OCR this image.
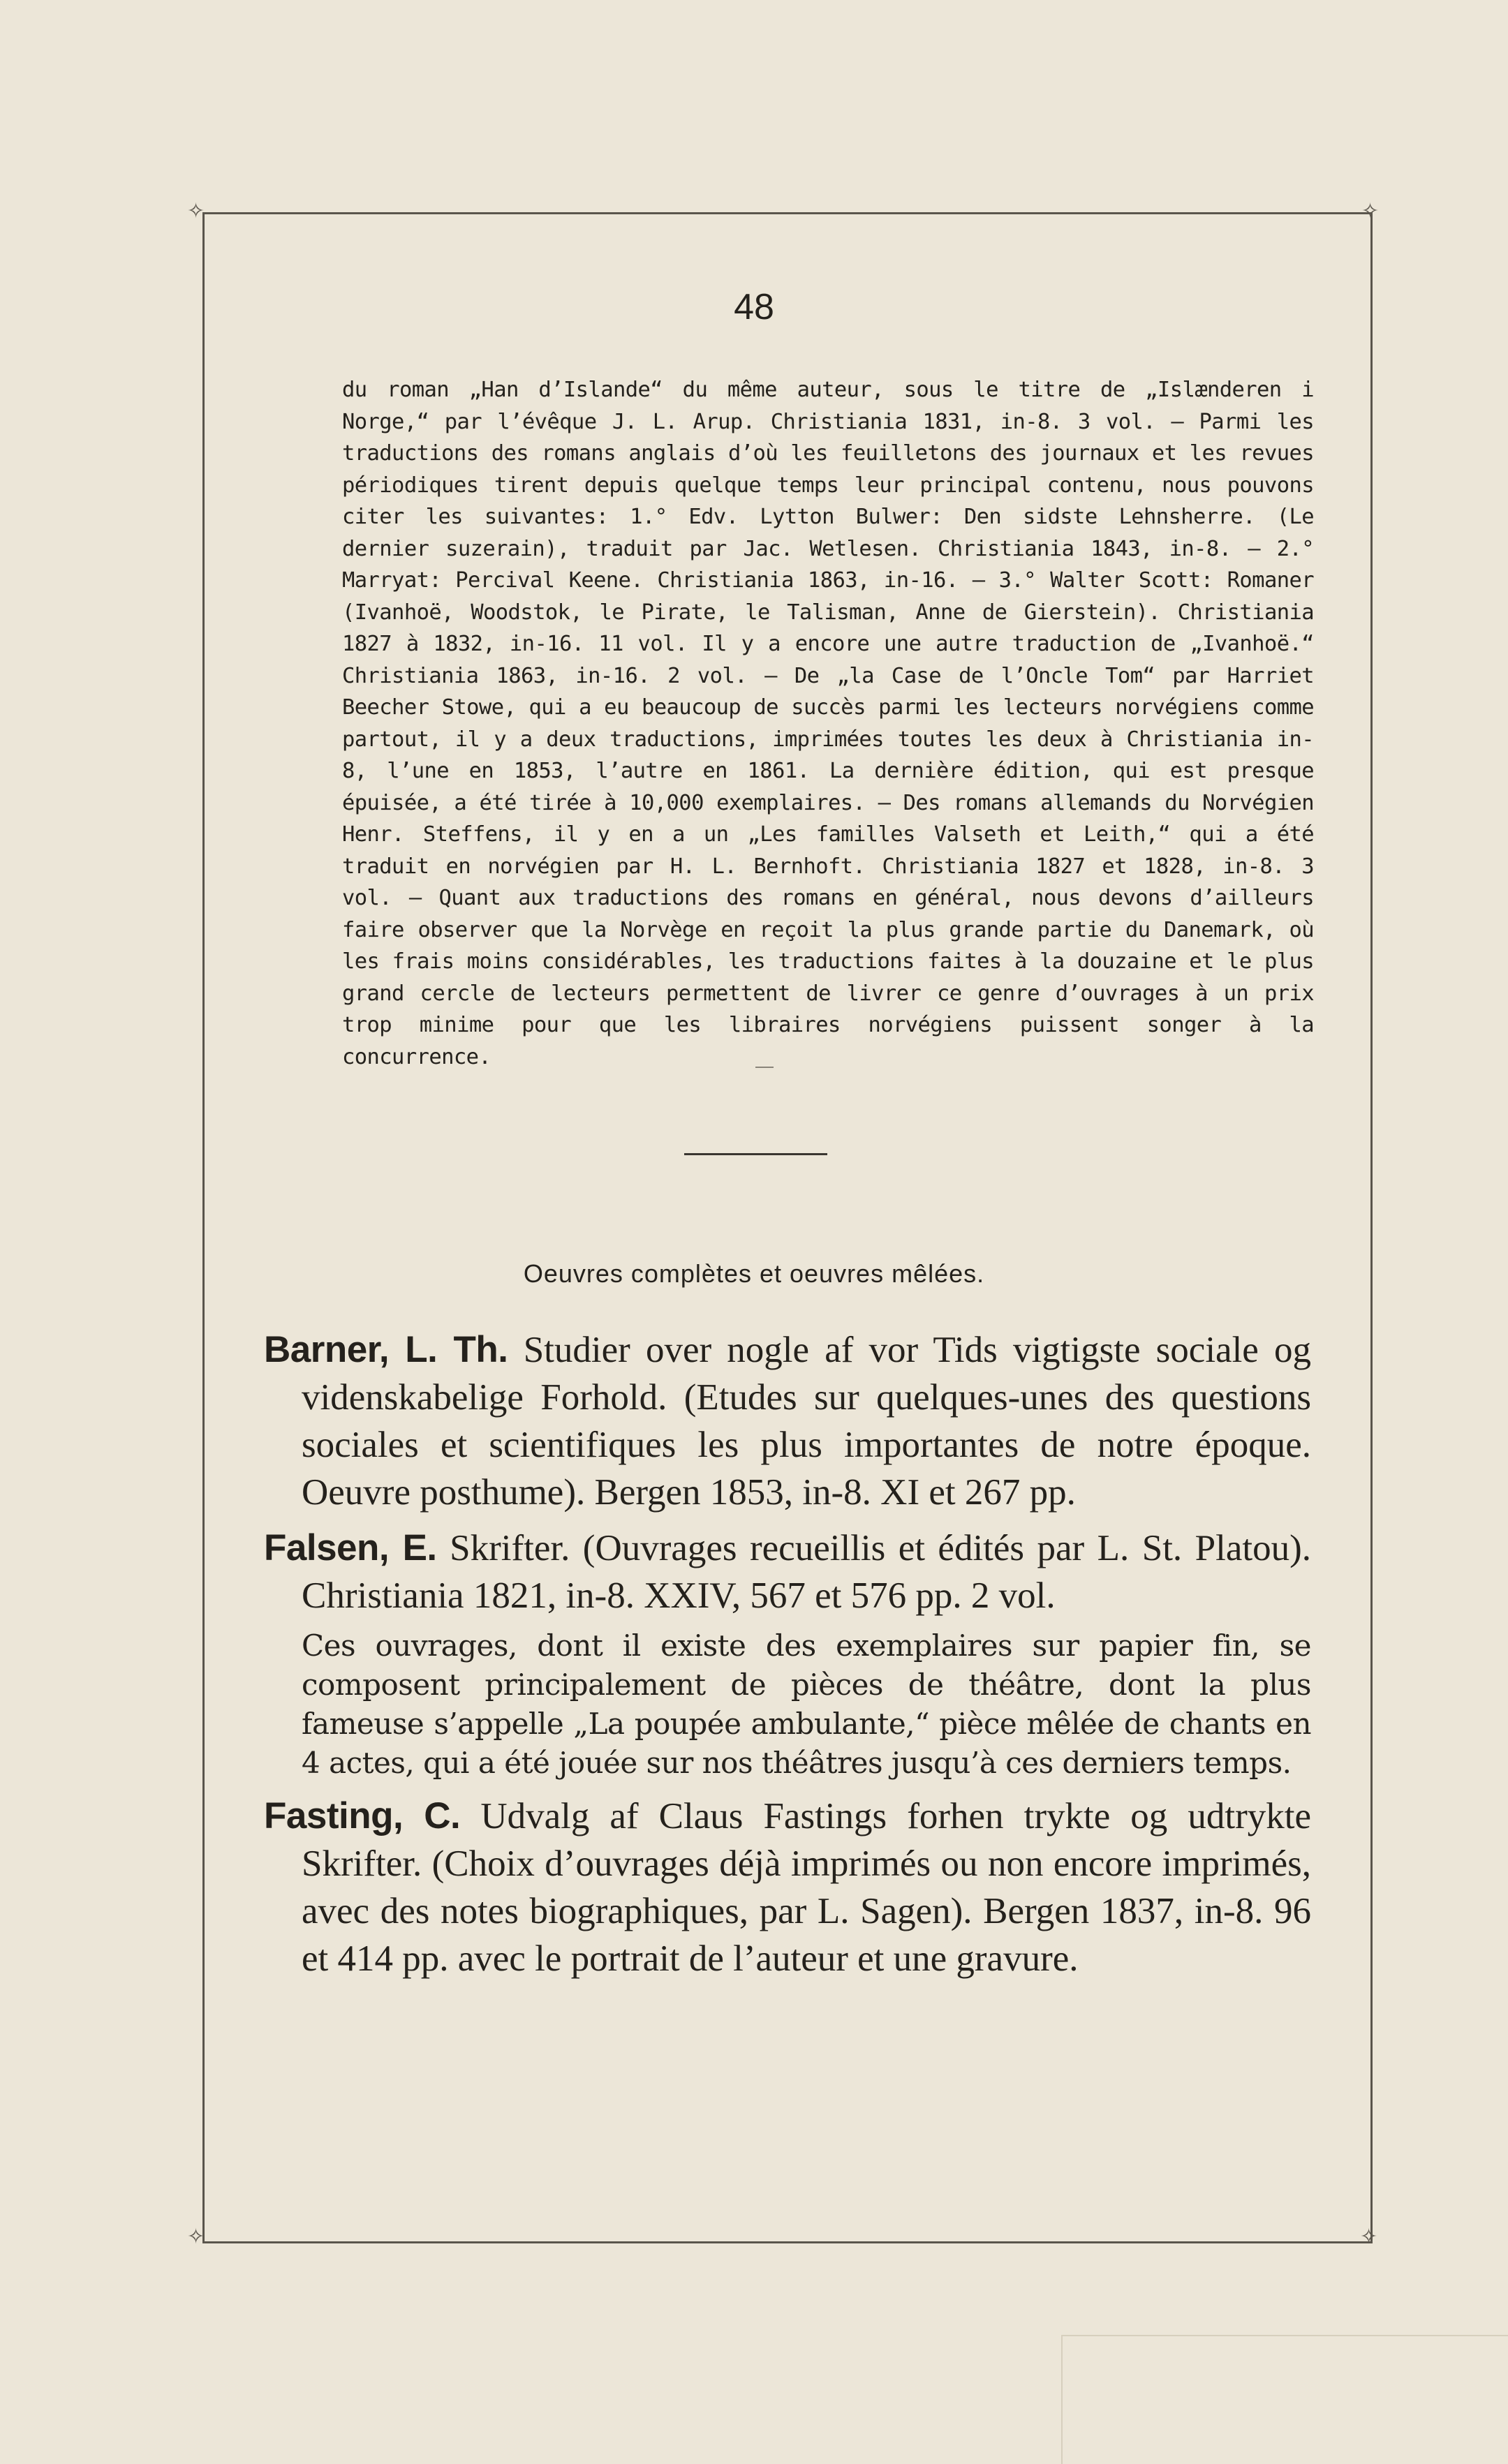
✧	✧
✧	✧
48

du roman „Han d’Islande“ du même auteur, sous le titre de „Islænderen i Norge,“ par l’évêque J. L. Arup. Christiania 1831, in-8. 3 vol. — Parmi les traductions des romans anglais d’où les feuilletons des journaux et les revues périodiques tirent depuis quelque temps leur principal contenu, nous pouvons citer les suivantes: 1.° Edv. Lytton Bulwer: Den sidste Lehnsherre. (Le dernier suzerain), traduit par Jac. Wetlesen. Christiania 1843, in-8. — 2.° Marryat: Percival Keene. Christiania 1863, in-16. — 3.° Walter Scott: Romaner (Ivanhoë, Woodstok, le Pirate, le Talisman, Anne de Gierstein). Christiania 1827 à 1832, in-16. 11 vol. Il y a encore une autre traduction de „Ivanhoë.“ Christiania 1863, in-16. 2 vol. — De „la Case de l’Oncle Tom“ par Harriet Beecher Stowe, qui a eu beaucoup de succès parmi les lecteurs norvégiens comme partout, il y a deux traductions, imprimées toutes les deux à Christiania in-8, l’une en 1853, l’autre en 1861. La dernière édition, qui est presque épuisée, a été tirée à 10,000 exemplaires. — Des romans allemands du Norvégien Henr. Steffens, il y en a un „Les familles Valseth et Leith,“ qui a été traduit en norvégien par H. L. Bernhoft. Christiania 1827 et 1828, in-8. 3 vol. — Quant aux traductions des romans en général, nous devons d’ailleurs faire observer que la Norvège en reçoit la plus grande partie du Danemark, où les frais moins considérables, les traductions faites à la douzaine et le plus grand cercle de lecteurs permettent de livrer ce genre d’ouvrages à un prix trop minime pour que les libraires norvégiens puissent songer à la concurrence.

Oeuvres complètes et oeuvres mêlées.

Barner, L. Th. Studier over nogle af vor Tids vigtigste sociale og videnskabelige Forhold. (Etudes sur quelques-unes des questions sociales et scientifiques les plus importantes de notre époque. Oeuvre posthume). Bergen 1853, in-8. XI et 267 pp.

Falsen, E. Skrifter. (Ouvrages recueillis et édités par L. St. Platou). Christiania 1821, in-8. XXIV, 567 et 576 pp. 2 vol.

Ces ouvrages, dont il existe des exemplaires sur papier fin, se composent principalement de pièces de théâtre, dont la plus fameuse s’appelle „La poupée ambulante,“ pièce mêlée de chants en 4 actes, qui a été jouée sur nos théâtres jusqu’à ces derniers temps.

Fasting, C. Udvalg af Claus Fastings forhen trykte og udtrykte Skrifter. (Choix d’ouvrages déjà imprimés ou non encore imprimés, avec des notes biographiques, par L. Sagen). Bergen 1837, in-8. 96 et 414 pp. avec le portrait de l’auteur et une gravure.
